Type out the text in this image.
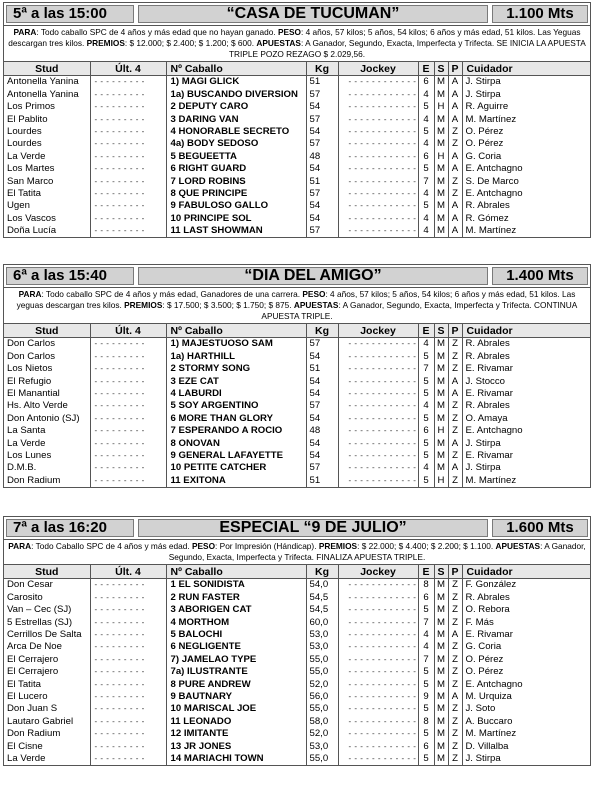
5ª a las 15:00	“CASA DE TUCUMÁN”	1.100 Mts
PARA: Todo caballo SPC de 4 años y más edad que no hayan ganado. PESO: 4 años, 57 kilos; 5 años, 54 kilos; 6 años y más edad, 51 kilos. Las Yeguas descargan tres kilos. PREMIOS: $ 12.000; $ 2.400; $ 1.200; $ 600. APUESTAS: A Ganador, Segundo, Exacta, Imperfecta y Trifecta. SE INICIA LA APUESTA TRIPLE POZO REZAGO $ 2.029,56.
Stud	Últ. 4	Nº Caballo	Kg	Jockey	E	S	P	Cuidador
Antonella Yanina	- - - - - - - - -	1) MAGI GLICK	51	- - - - - - - - - - - -	6	M	A	J. Stirpa
Antonella Yanina	- - - - - - - - -	1a) BUSCANDO DIVERSION	57	- - - - - - - - - - - -	4	M	A	J. Stirpa
Los Primos	- - - - - - - - -	2 DEPUTY CARO	54	- - - - - - - - - - - -	5	H	A	R. Aguirre
El Pablito	- - - - - - - - -	3 DARING VAN	57	- - - - - - - - - - - -	4	M	A	M. Martínez
Lourdes	- - - - - - - - -	4 HONORABLE SECRETO	54	- - - - - - - - - - - -	5	M	Z	O. Pérez
Lourdes	- - - - - - - - -	4a) BODY SEDOSO	57	- - - - - - - - - - - -	4	M	Z	O. Pérez
La Verde	- - - - - - - - -	5 BEGUEETTA	48	- - - - - - - - - - - -	6	H	A	G. Coria
Los Martes	- - - - - - - - -	6 RIGHT GUARD	54	- - - - - - - - - - - -	5	M	A	E. Antchagno
San Marco	- - - - - - - - -	7 LORD ROBINS	51	- - - - - - - - - - - -	7	M	Z	S. De Marco
El Tatita	- - - - - - - - -	8 QUE PRINCIPE	57	- - - - - - - - - - - -	4	M	Z	E. Antchagno
Ugen	- - - - - - - - -	9 FABULOSO GALLO	54	- - - - - - - - - - - -	5	M	A	R. Abrales
Los Vascos	- - - - - - - - -	10 PRINCIPE SOL	54	- - - - - - - - - - - -	4	M	A	R. Gómez
Doña Lucía	- - - - - - - - -	11 LAST SHOWMAN	57	- - - - - - - - - - - -	4	M	A	M. Martínez
6ª a las 15:40	“DIA DEL AMIGO”	1.400 Mts
PARA: Todo caballo SPC de 4 años y más edad, Ganadores de una carrera. PESO: 4 años, 57 kilos; 5 años, 54 kilos; 6 años y más edad, 51 kilos. Las yeguas descargan tres kilos. PREMIOS: $ 17.500; $ 3.500; $ 1.750; $ 875. APUESTAS: A Ganador, Segundo, Exacta, Imperfecta y Trifecta. CONTINUA APUESTA TRIPLE.
Stud	Últ. 4	Nº Caballo	Kg	Jockey	E	S	P	Cuidador
Don Carlos	- - - - - - - - -	1) MAJESTUOSO SAM	57	- - - - - - - - - - - -	4	M	Z	R. Abrales
Don Carlos	- - - - - - - - -	1a) HARTHILL	54	- - - - - - - - - - - -	5	M	Z	R. Abrales
Los Nietos	- - - - - - - - -	2 STORMY SONG	51	- - - - - - - - - - - -	7	M	Z	E. Rivamar
El Refugio	- - - - - - - - -	3 EZE CAT	54	- - - - - - - - - - - -	5	M	A	J. Stocco
El Manantial	- - - - - - - - -	4 LABURDI	54	- - - - - - - - - - - -	5	M	A	E. Rivamar
Hs. Alto Verde	- - - - - - - - -	5 SOY ARGENTINO	57	- - - - - - - - - - - -	4	M	Z	R. Abrales
Don Antonio (SJ)	- - - - - - - - -	6 MORE THAN GLORY	54	- - - - - - - - - - - -	5	M	Z	O. Amaya
La Santa	- - - - - - - - -	7 ESPERANDO A ROCIO	48	- - - - - - - - - - - -	6	H	Z	E. Antchagno
La Verde	- - - - - - - - -	8 ONOVAN	54	- - - - - - - - - - - -	5	M	A	J. Stirpa
Los Lunes	- - - - - - - - -	9 GENERAL LAFAYETTE	54	- - - - - - - - - - - -	5	M	Z	E. Rivamar
D.M.B.	- - - - - - - - -	10 PETITE CATCHER	57	- - - - - - - - - - - -	4	M	A	J. Stirpa
Don Radium	- - - - - - - - -	11 EXITONA	51	- - - - - - - - - - - -	5	H	Z	M. Martínez
7ª a las 16:20	ESPECIAL “9 DE JULIO”	1.600 Mts
PARA: Todo Caballo SPC de 4 años y más edad. PESO: Por Impresión (Hándicap). PREMIOS: $ 22.000; $ 4.400; $ 2.200; $ 1.100. APUESTAS: A Ganador, Segundo, Exacta, Imperfecta y Trifecta. FINALIZA APUESTA TRIPLE.
Stud	Últ. 4	Nº Caballo	Kg	Jockey	E	S	P	Cuidador
Don Cesar	- - - - - - - - -	1 EL SONIDISTA	54,0	- - - - - - - - - - - -	8	M	Z	F. González
Carosito	- - - - - - - - -	2 RUN FASTER	54,5	- - - - - - - - - - - -	6	M	Z	R. Abrales
Van – Cec (SJ)	- - - - - - - - -	3 ABORIGEN CAT	54,5	- - - - - - - - - - - -	5	M	Z	O. Rebora
5 Estrellas (SJ)	- - - - - - - - -	4 MORTHOM	60,0	- - - - - - - - - - - -	7	M	Z	F. Más
Cerrillos De Salta	- - - - - - - - -	5 BALOCHI	53,0	- - - - - - - - - - - -	4	M	A	E. Rivamar
Arca De Noe	- - - - - - - - -	6 NEGLIGENTE	53,0	- - - - - - - - - - - -	4	M	Z	G. Coria
El Cerrajero	- - - - - - - - -	7) JAMELAO TYPE	55,0	- - - - - - - - - - - -	7	M	Z	O. Pérez
El Cerrajero	- - - - - - - - -	7a) ILUSTRANTE	55,0	- - - - - - - - - - - -	5	M	Z	O. Pérez
El Tatita	- - - - - - - - -	8 PURE ANDREW	52,0	- - - - - - - - - - - -	5	M	Z	E. Antchagno
El Lucero	- - - - - - - - -	9 BAUTNARY	56,0	- - - - - - - - - - - -	9	M	A	M. Urquiza
Don Juan S	- - - - - - - - -	10 MARISCAL JOE	55,0	- - - - - - - - - - - -	5	M	Z	J. Soto
Lautaro Gabriel	- - - - - - - - -	11 LEONADO	58,0	- - - - - - - - - - - -	8	M	Z	A. Buccaro
Don Radium	- - - - - - - - -	12 IMITANTE	52,0	- - - - - - - - - - - -	5	M	Z	M. Martínez
El Cisne	- - - - - - - - -	13 JR JONES	53,0	- - - - - - - - - - - -	6	M	Z	D. Villalba
La Verde	- - - - - - - - -	14 MARIACHI TOWN	55,0	- - - - - - - - - - - -	5	M	Z	J. Stirpa
